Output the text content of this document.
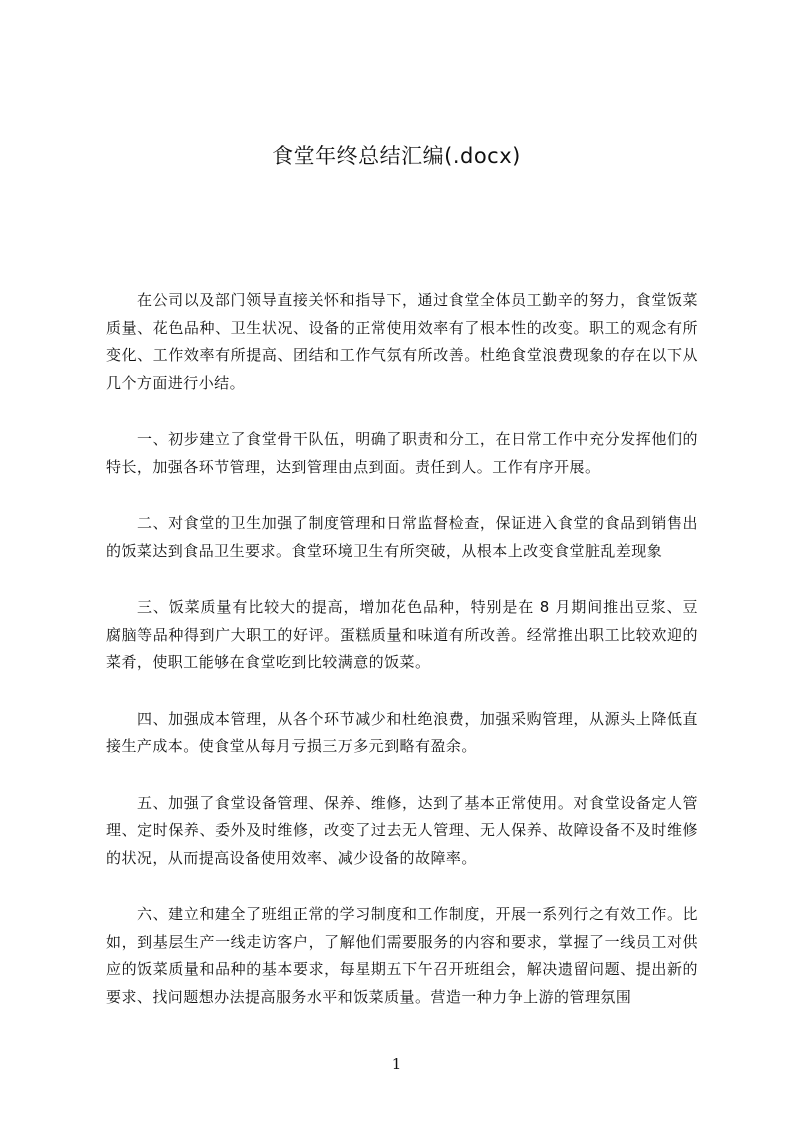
食堂年终总结汇编(.docx)

在公司以及部门领导直接关怀和指导下，通过食堂全体员工勤辛的努力，食堂饭菜质量、花色品种、卫生状况、设备的正常使用效率有了根本性的改变。职工的观念有所变化、工作效率有所提高、团结和工作气氛有所改善。杜绝食堂浪费现象的存在以下从几个方面进行小结。

一、初步建立了食堂骨干队伍，明确了职责和分工，在日常工作中充分发挥他们的特长，加强各环节管理，达到管理由点到面。责任到人。工作有序开展。

二、对食堂的卫生加强了制度管理和日常监督检查，保证进入食堂的食品到销售出的饭菜达到食品卫生要求。食堂环境卫生有所突破，从根本上改变食堂脏乱差现象

三、饭菜质量有比较大的提高，增加花色品种，特别是在 8 月期间推出豆浆、豆腐脑等品种得到广大职工的好评。蛋糕质量和味道有所改善。经常推出职工比较欢迎的菜肴，使职工能够在食堂吃到比较满意的饭菜。

四、加强成本管理，从各个环节减少和杜绝浪费，加强采购管理，从源头上降低直接生产成本。使食堂从每月亏损三万多元到略有盈余。

五、加强了食堂设备管理、保养、维修，达到了基本正常使用。对食堂设备定人管理、定时保养、委外及时维修，改变了过去无人管理、无人保养、故障设备不及时维修的状况，从而提高设备使用效率、减少设备的故障率。

六、建立和建全了班组正常的学习制度和工作制度，开展一系列行之有效工作。比如，到基层生产一线走访客户，了解他们需要服务的内容和要求，掌握了一线员工对供应的饭菜质量和品种的基本要求，每星期五下午召开班组会，解决遗留问题、提出新的要求、找问题想办法提高服务水平和饭菜质量。营造一种力争上游的管理氛围

1
